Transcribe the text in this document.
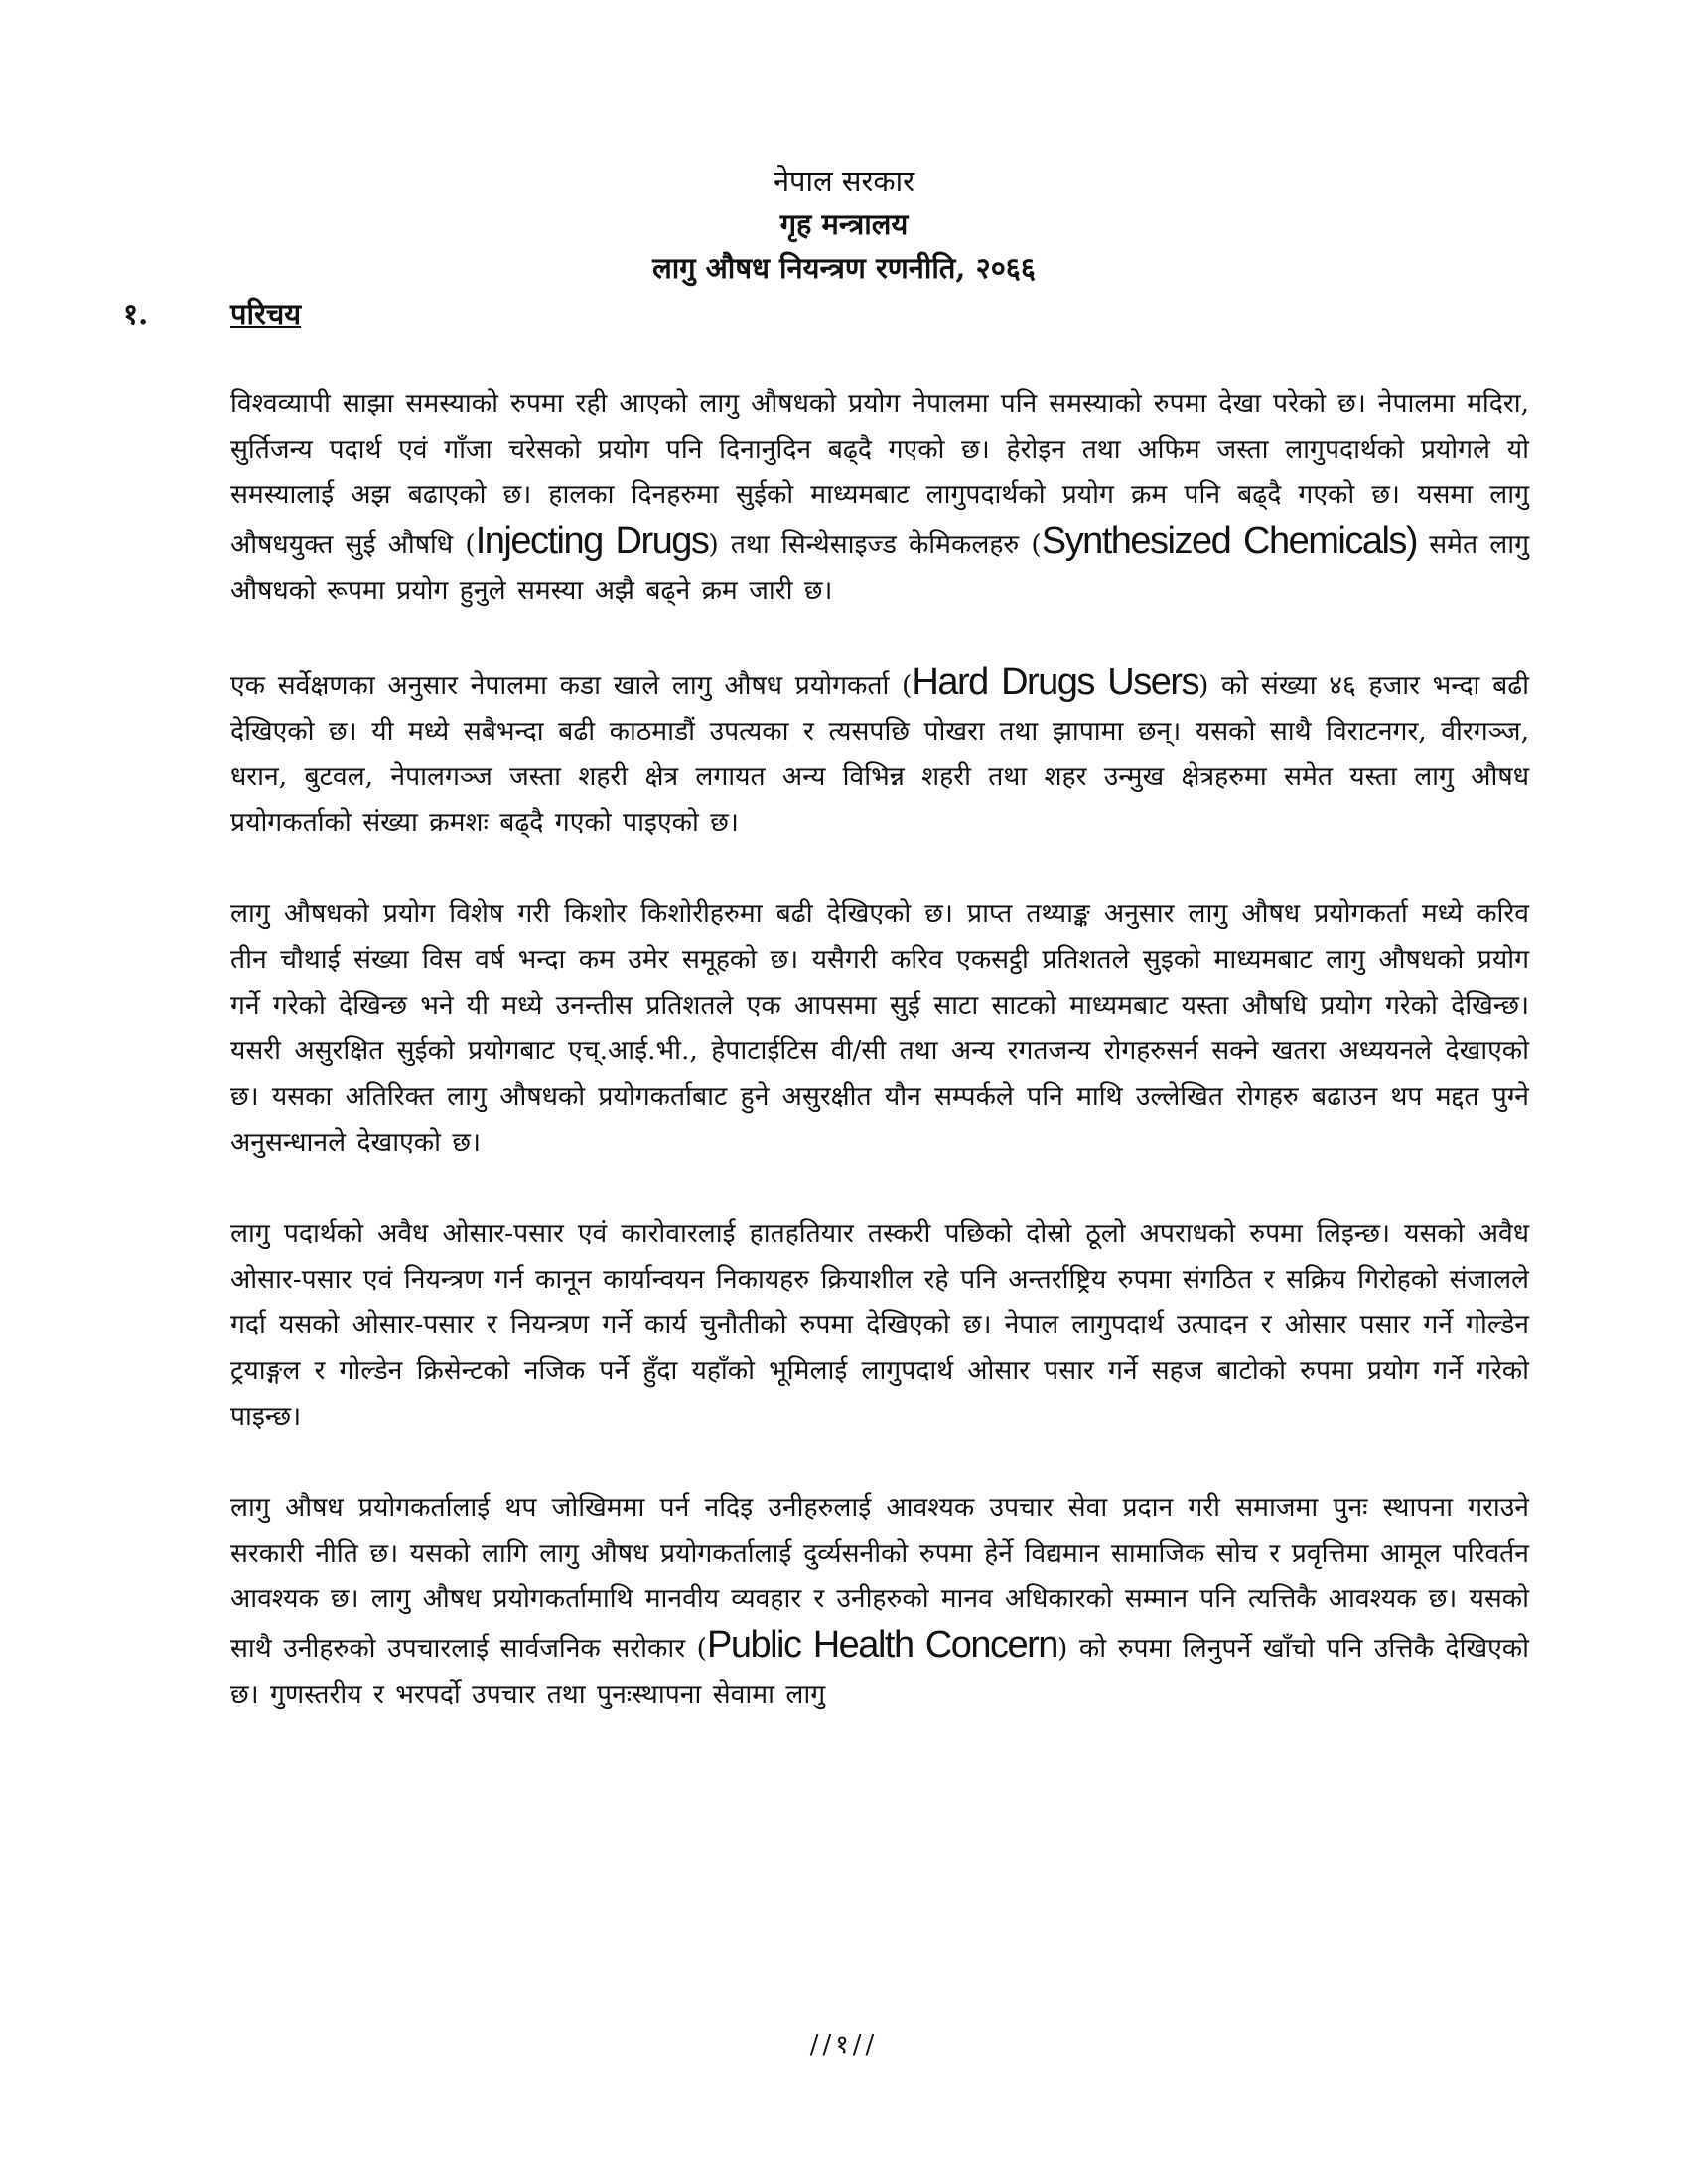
नेपाल सरकार
गृह मन्त्रालय
लागु औषध नियन्त्रण रणनीति, २०६६
१.	परिचय

विश्वव्यापी साझा समस्याको रुपमा रही आएको लागु औषधको प्रयोग नेपालमा पनि समस्याको रुपमा देखा परेको छ। नेपालमा मदिरा, सुर्तिजन्य पदार्थ एवं गाँजा चरेसको प्रयोग पनि दिनानुदिन बढ्दै गएको छ। हेरोइन तथा अफिम जस्ता लागुपदार्थको प्रयोगले यो समस्यालाई अझ बढाएको छ। हालका दिनहरुमा सुईको माध्यमबाट लागुपदार्थको प्रयोग क्रम पनि बढ्दै गएको छ। यसमा लागु औषधयुक्त सुई औषधि (Injecting Drugs) तथा सिन्थेसाइज्ड केमिकलहरु (Synthesized Chemicals) समेत लागु औषधको रूपमा प्रयोग हुनुले समस्या अझै बढ्ने क्रम जारी छ।

एक सर्वेक्षणका अनुसार नेपालमा कडा खाले लागु औषध प्रयोगकर्ता (Hard Drugs Users) को संख्या ४६ हजार भन्दा बढी देखिएको छ। यी मध्ये सबैभन्दा बढी काठमाडौं उपत्यका र त्यसपछि पोखरा तथा झापामा छन्। यसको साथै विराटनगर, वीरगञ्ज, धरान, बुटवल, नेपालगञ्ज जस्ता शहरी क्षेत्र लगायत अन्य विभिन्न शहरी तथा शहर उन्मुख क्षेत्रहरुमा समेत यस्ता लागु औषध प्रयोगकर्ताको संख्या क्रमशः बढ्दै गएको पाइएको छ।

लागु औषधको प्रयोग विशेष गरी किशोर किशोरीहरुमा बढी देखिएको छ। प्राप्त तथ्याङ्क अनुसार लागु औषध प्रयोगकर्ता मध्ये करिव तीन चौथाई संख्या विस वर्ष भन्दा कम उमेर समूहको छ। यसैगरी करिव एकसट्ठी प्रतिशतले सुइको माध्यमबाट लागु औषधको प्रयोग गर्ने गरेको देखिन्छ भने यी मध्ये उनन्तीस प्रतिशतले एक आपसमा सुई साटा साटको माध्यमबाट यस्ता औषधि प्रयोग गरेको देखिन्छ। यसरी असुरक्षित सुईको प्रयोगबाट एच्.आई.भी., हेपाटाईटिस वी/सी तथा अन्य रगतजन्य रोगहरुसर्न सक्ने खतरा अध्ययनले देखाएको छ। यसका अतिरिक्त लागु औषधको प्रयोगकर्ताबाट हुने असुरक्षीत यौन सम्पर्कले पनि माथि उल्लेखित रोगहरु बढाउन थप मद्दत पुग्ने अनुसन्धानले देखाएको छ।

लागु पदार्थको अवैध ओसार-पसार एवं कारोवारलाई हातहतियार तस्करी पछिको दोस्रो ठूलो अपराधको रुपमा लिइन्छ। यसको अवैध ओसार-पसार एवं नियन्त्रण गर्न कानून कार्यान्वयन निकायहरु क्रियाशील रहे पनि अन्तर्राष्ट्रिय रुपमा संगठित र सक्रिय गिरोहको संजालले गर्दा यसको ओसार-पसार र नियन्त्रण गर्ने कार्य चुनौतीको रुपमा देखिएको छ। नेपाल लागुपदार्थ उत्पादन र ओसार पसार गर्ने गोल्डेन ट्रयाङ्गल र गोल्डेन क्रिसेन्टको नजिक पर्ने हुँदा यहाँको भूमिलाई लागुपदार्थ ओसार पसार गर्ने सहज बाटोको रुपमा प्रयोग गर्ने गरेको पाइन्छ।

लागु औषध प्रयोगकर्तालाई थप जोखिममा पर्न नदिइ उनीहरुलाई आवश्यक उपचार सेवा प्रदान गरी समाजमा पुनः स्थापना गराउने सरकारी नीति छ। यसको लागि लागु औषध प्रयोगकर्तालाई दुर्व्यसनीको रुपमा हेर्ने विद्यमान सामाजिक सोच र प्रवृत्तिमा आमूल परिवर्तन आवश्यक छ। लागु औषध प्रयोगकर्तामाथि मानवीय व्यवहार र उनीहरुको मानव अधिकारको सम्मान पनि त्यत्तिकै आवश्यक छ। यसको साथै उनीहरुको उपचारलाई सार्वजनिक सरोकार (Public Health Concern) को रुपमा लिनुपर्ने खाँचो पनि उत्तिकै देखिएको छ। गुणस्तरीय र भरपर्दो उपचार तथा पुनःस्थापना सेवामा लागु

//१//
